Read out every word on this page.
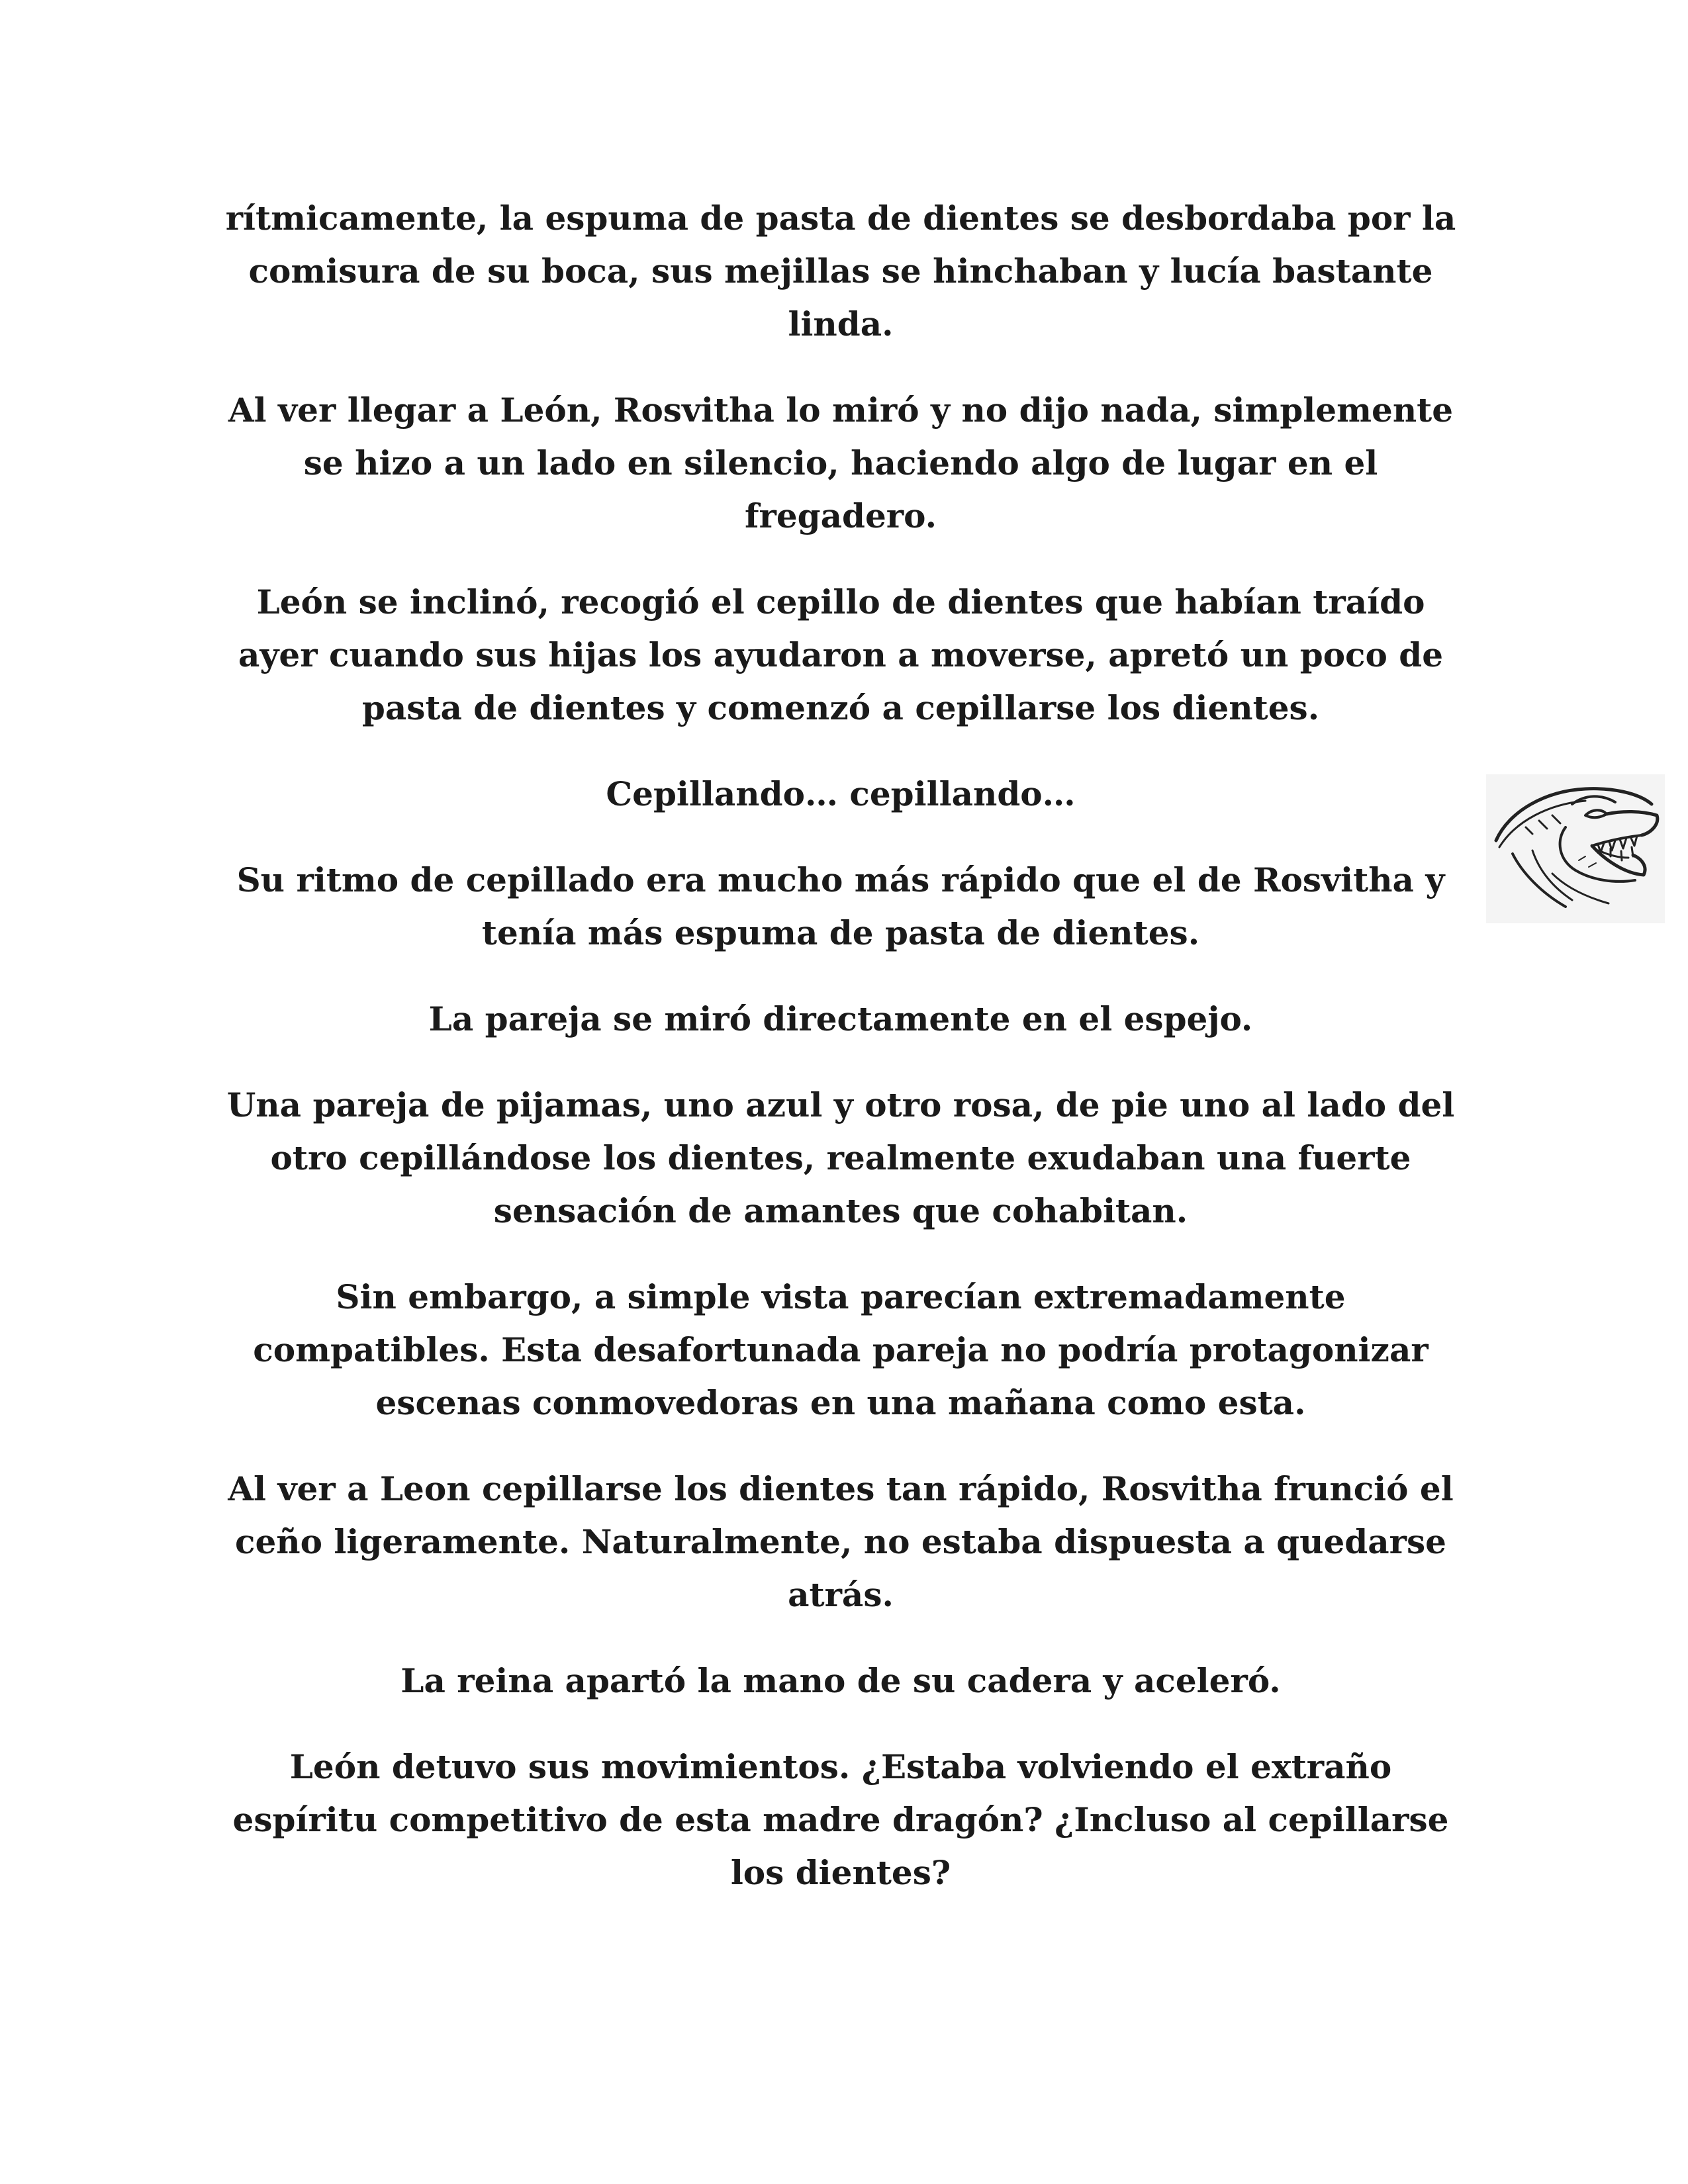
rítmicamente, la espuma de pasta de dientes se desbordaba por la comisura de su boca, sus mejillas se hinchaban y lucía bastante linda.

Al ver llegar a León, Rosvitha lo miró y no dijo nada, simplemente se hizo a un lado en silencio, haciendo algo de lugar en el fregadero.

León se inclinó, recogió el cepillo de dientes que habían traído ayer cuando sus hijas los ayudaron a moverse, apretó un poco de pasta de dientes y comenzó a cepillarse los dientes.

Cepillando… cepillando…

Su ritmo de cepillado era mucho más rápido que el de Rosvitha y tenía más espuma de pasta de dientes.

La pareja se miró directamente en el espejo.

Una pareja de pijamas, uno azul y otro rosa, de pie uno al lado del otro cepillándose los dientes, realmente exudaban una fuerte sensación de amantes que cohabitan.

Sin embargo, a simple vista parecían extremadamente compatibles. Esta desafortunada pareja no podría protagonizar escenas conmovedoras en una mañana como esta.

Al ver a Leon cepillarse los dientes tan rápido, Rosvitha frunció el ceño ligeramente. Naturalmente, no estaba dispuesta a quedarse atrás.

La reina apartó la mano de su cadera y aceleró.

León detuvo sus movimientos. ¿Estaba volviendo el extraño espíritu competitivo de esta madre dragón? ¿Incluso al cepillarse los dientes?
